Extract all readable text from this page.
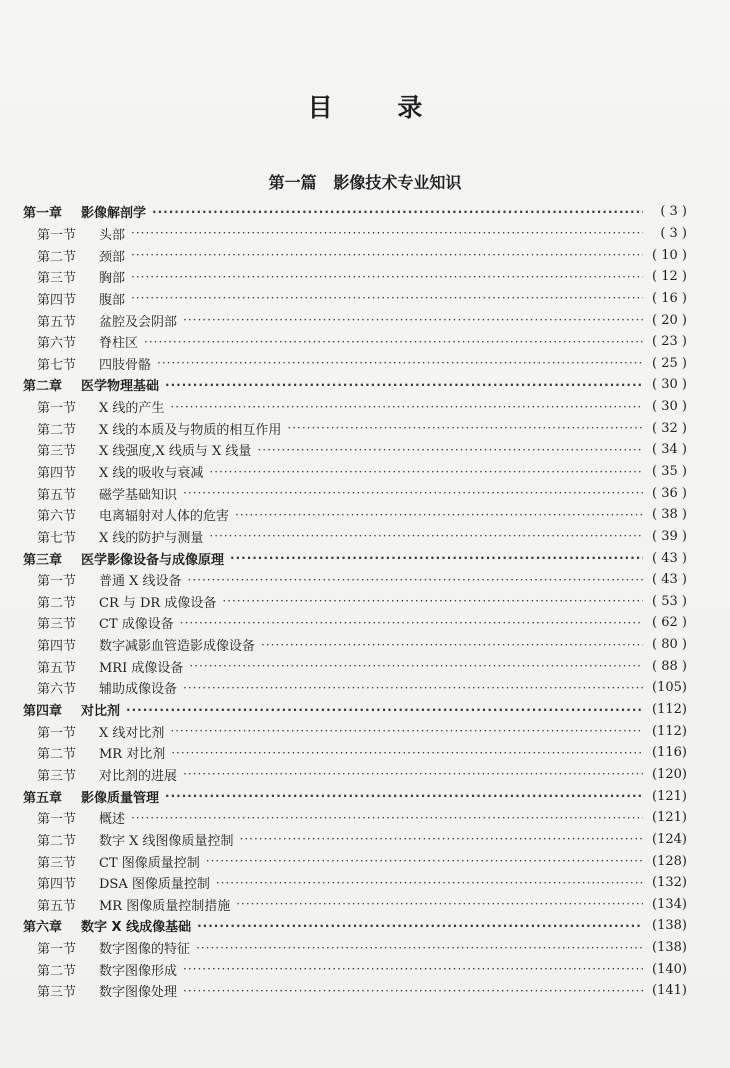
目 录
第一篇   影像技术专业知识
第一章	影像解剖学 ·····	( 3 )
第一节	头部 ·····	( 3 )
第二节	颈部 ·····	( 10 )
第三节	胸部 ·····	( 12 )
第四节	腹部 ·····	( 16 )
第五节	盆腔及会阴部 ·····	( 20 )
第六节	脊柱区 ·····	( 23 )
第七节	四肢骨骼 ·····	( 25 )
第二章	医学物理基础 ·····	( 30 )
第一节	X 线的产生 ·····	( 30 )
第二节	X 线的本质及与物质的相互作用 ·····	( 32 )
第三节	X 线强度,X 线质与 X 线量 ·····	( 34 )
第四节	X 线的吸收与衰减 ·····	( 35 )
第五节	磁学基础知识 ·····	( 36 )
第六节	电离辐射对人体的危害 ·····	( 38 )
第七节	X 线的防护与测量 ·····	( 39 )
第三章	医学影像设备与成像原理 ·····	( 43 )
第一节	普通 X 线设备 ·····	( 43 )
第二节	CR 与 DR 成像设备 ·····	( 53 )
第三节	CT 成像设备 ·····	( 62 )
第四节	数字减影血管造影成像设备 ·····	( 80 )
第五节	MRI 成像设备 ·····	( 88 )
第六节	辅助成像设备 ·····	(105)
第四章	对比剂 ·····	(112)
第一节	X 线对比剂 ·····	(112)
第二节	MR 对比剂 ·····	(116)
第三节	对比剂的进展 ·····	(120)
第五章	影像质量管理 ·····	(121)
第一节	概述 ·····	(121)
第二节	数字 X 线图像质量控制 ·····	(124)
第三节	CT 图像质量控制 ·····	(128)
第四节	DSA 图像质量控制 ·····	(132)
第五节	MR 图像质量控制措施 ·····	(134)
第六章	数字 X 线成像基础 ·····	(138)
第一节	数字图像的特征 ·····	(138)
第二节	数字图像形成 ·····	(140)
第三节	数字图像处理 ·····	(141)
